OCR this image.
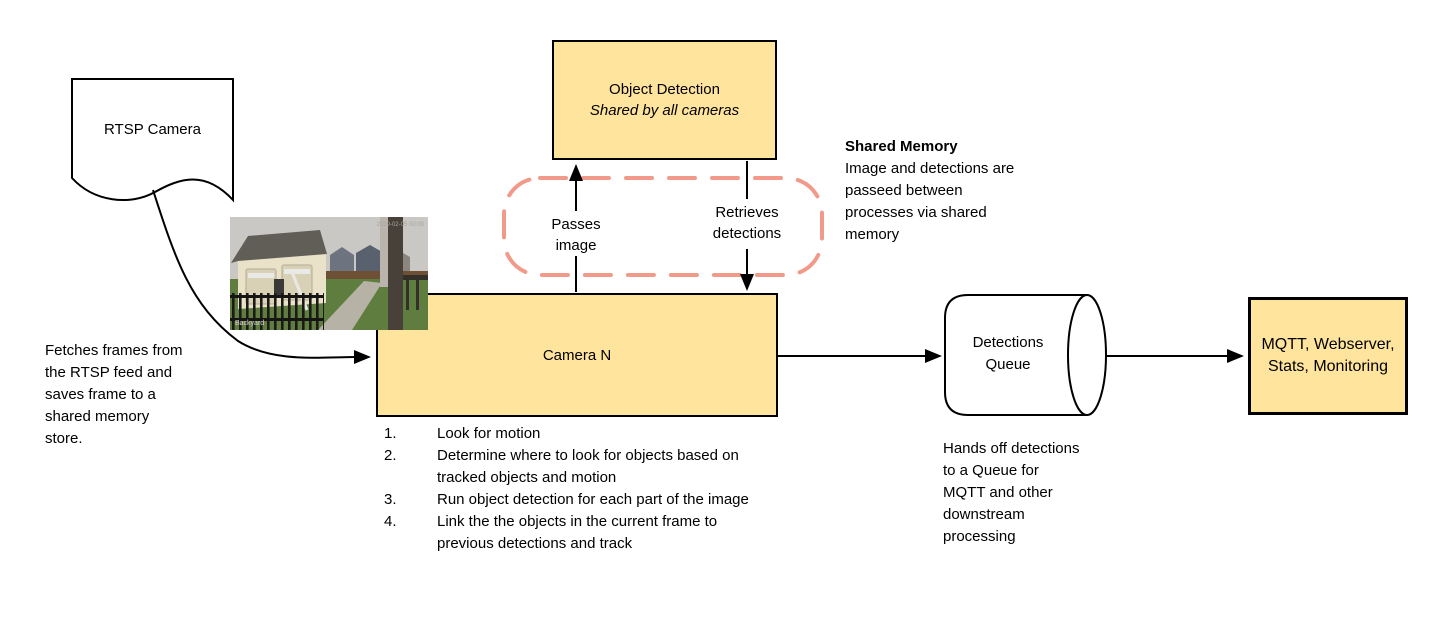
RTSP Camera
Fetches frames from
the RTSP feed and
saves frame to a
shared memory
store.
Object Detection
Shared by all cameras
Shared Memory
Image and detections are
passeed between
processes via shared
memory
Passes image
Retrieves detections
Camera N
Backyard
2019-02-05 00:00
1.	Look for motion
2.	Determine where to look for objects based on tracked objects and motion
3.	Run object detection for each part of the image
4.	Link the the objects in the current frame to previous detections and track
Detections Queue
Hands off detections
to a Queue for
MQTT and other
downstream
processing
MQTT, Webserver, Stats, Monitoring
